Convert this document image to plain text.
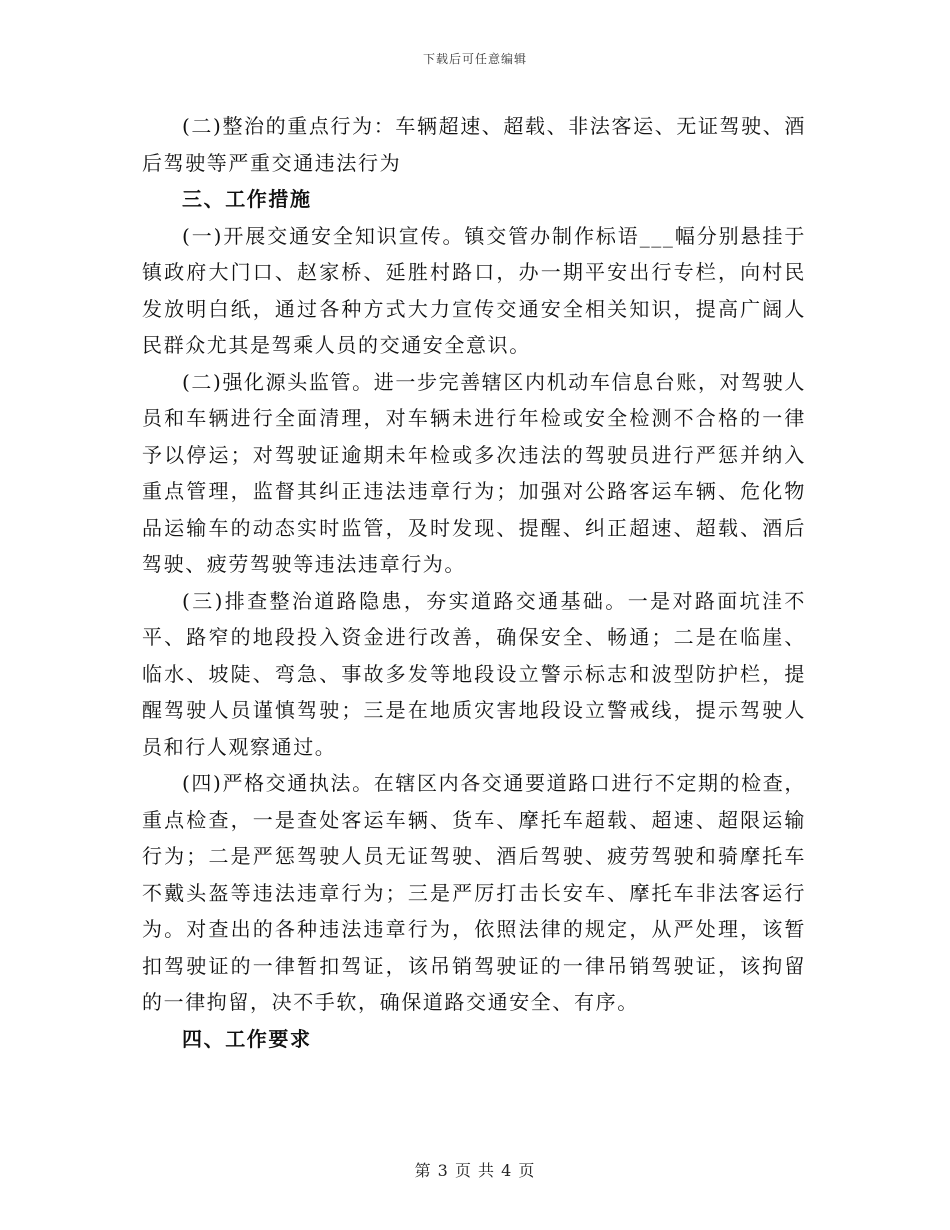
下载后可任意编辑

(二)整治的重点行为：车辆超速、超载、非法客运、无证驾驶、酒后驾驶等严重交通违法行为

三、工作措施

(一)开展交通安全知识宣传。镇交管办制作标语___幅分别悬挂于镇政府大门口、赵家桥、延胜村路口，办一期平安出行专栏，向村民发放明白纸，通过各种方式大力宣传交通安全相关知识，提高广阔人民群众尤其是驾乘人员的交通安全意识。

(二)强化源头监管。进一步完善辖区内机动车信息台账，对驾驶人员和车辆进行全面清理，对车辆未进行年检或安全检测不合格的一律予以停运；对驾驶证逾期未年检或多次违法的驾驶员进行严惩并纳入重点管理，监督其纠正违法违章行为；加强对公路客运车辆、危化物品运输车的动态实时监管，及时发现、提醒、纠正超速、超载、酒后驾驶、疲劳驾驶等违法违章行为。

(三)排查整治道路隐患，夯实道路交通基础。一是对路面坑洼不平、路窄的地段投入资金进行改善，确保安全、畅通；二是在临崖、临水、坡陡、弯急、事故多发等地段设立警示标志和波型防护栏，提醒驾驶人员谨慎驾驶；三是在地质灾害地段设立警戒线，提示驾驶人员和行人观察通过。

(四)严格交通执法。在辖区内各交通要道路口进行不定期的检查，重点检查，一是查处客运车辆、货车、摩托车超载、超速、超限运输行为；二是严惩驾驶人员无证驾驶、酒后驾驶、疲劳驾驶和骑摩托车不戴头盔等违法违章行为；三是严厉打击长安车、摩托车非法客运行为。对查出的各种违法违章行为，依照法律的规定，从严处理，该暂扣驾驶证的一律暂扣驾证，该吊销驾驶证的一律吊销驾驶证，该拘留的一律拘留，决不手软，确保道路交通安全、有序。

四、工作要求

第 3 页 共 4 页
